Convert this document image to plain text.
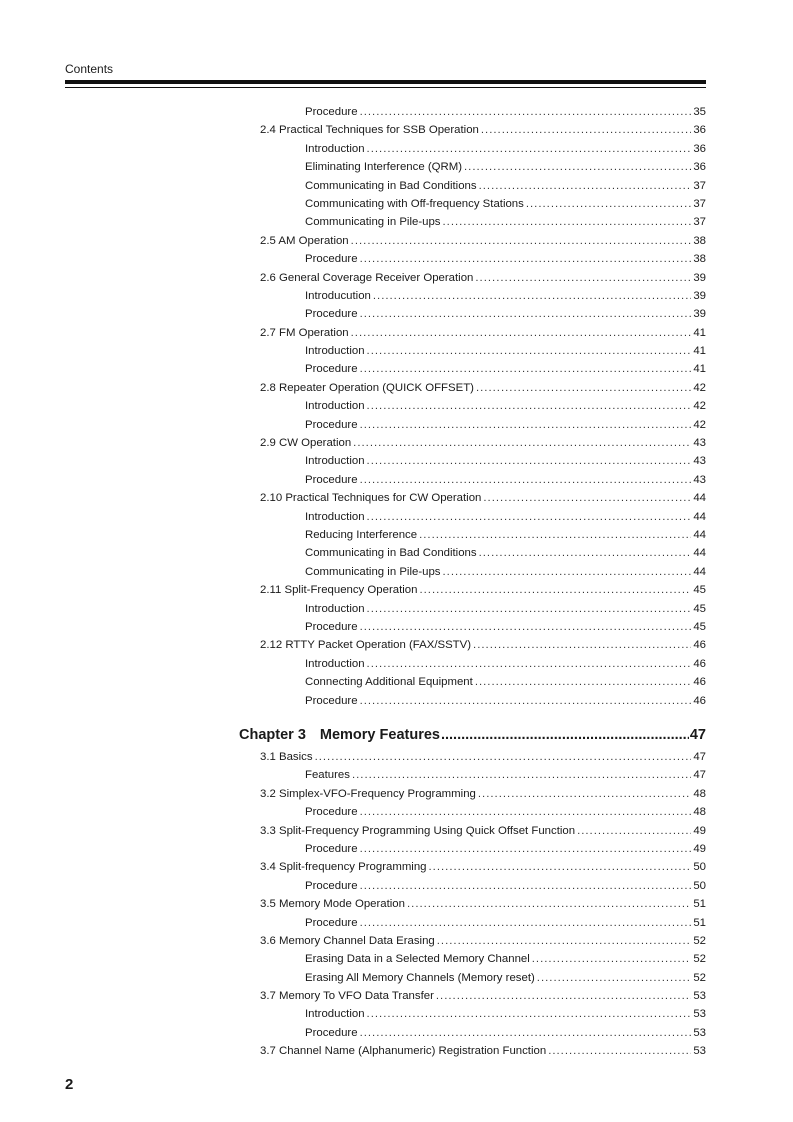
Contents
Procedure .....	35
2.4 Practical Techniques for SSB Operation .....	36
Introduction .....	36
Eliminating Interference (QRM) .....	36
Communicating in Bad Conditions .....	37
Communicating with Off-frequency Stations .....	37
Communicating in Pile-ups .....	37
2.5 AM Operation .....	38
Procedure .....	38
2.6 General Coverage Receiver Operation .....	39
Introducution .....	39
Procedure .....	39
2.7 FM Operation .....	41
Introduction .....	41
Procedure .....	41
2.8 Repeater Operation (QUICK OFFSET) .....	42
Introduction .....	42
Procedure .....	42
2.9 CW Operation .....	43
Introduction .....	43
Procedure .....	43
2.10 Practical Techniques for CW Operation .....	44
Introduction .....	44
Reducing Interference .....	44
Communicating in Bad Conditions .....	44
Communicating in Pile-ups .....	44
2.11 Split-Frequency Operation .....	45
Introduction .....	45
Procedure .....	45
2.12 RTTY Packet Operation (FAX/SSTV) .....	46
Introduction .....	46
Connecting Additional Equipment .....	46
Procedure .....	46
Chapter 3 Memory Features .....	47
3.1 Basics .....	47
Features .....	47
3.2 Simplex-VFO-Frequency Programming .....	48
Procedure .....	48
3.3 Split-Frequency Programming Using Quick Offset Function .....	49
Procedure .....	49
3.4 Split-frequency Programming .....	50
Procedure .....	50
3.5 Memory Mode Operation .....	51
Procedure .....	51
3.6 Memory Channel Data Erasing .....	52
Erasing Data in a Selected Memory Channel .....	52
Erasing All Memory Channels (Memory reset) .....	52
3.7 Memory To VFO Data Transfer .....	53
Introduction .....	53
Procedure .....	53
3.7 Channel Name (Alphanumeric) Registration Function .....	53
2
